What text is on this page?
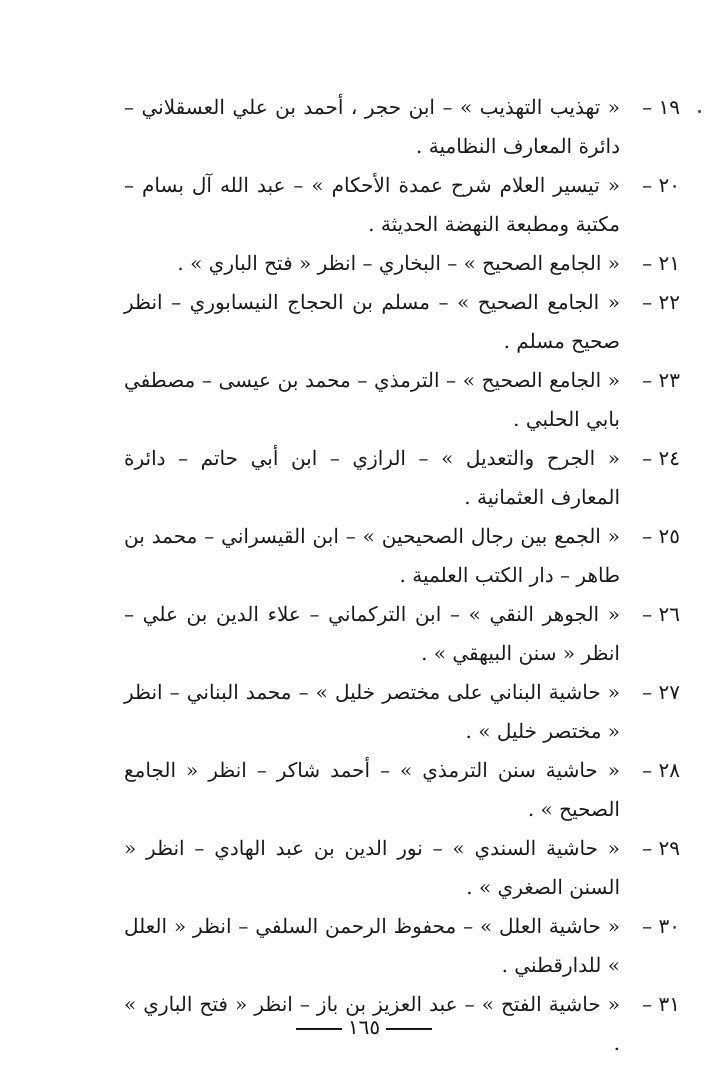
١٩ –
« تهذيب التهذيب » – ابن حجر ، أحمد بن علي العسقلاني – دائرة المعارف النظامية .
٢٠ –
« تيسير العلام شرح عمدة الأحكام » – عبد الله آل بسام – مكتبة ومطبعة النهضة الحديثة .
٢١ –
« الجامع الصحيح » – البخاري – انظر « فتح الباري » .
٢٢ –
« الجامع الصحيح » – مسلم بن الحجاج النيسابوري – انظر صحيح مسلم .
٢٣ –
« الجامع الصحيح » – الترمذي – محمد بن عيسى – مصطفي بابي الحلبي .
٢٤ –
« الجرح والتعديل » – الرازي – ابن أبي حاتم – دائرة المعارف العثمانية .
٢٥ –
« الجمع بين رجال الصحيحين » – ابن القيسراني – محمد بن طاهر – دار الكتب العلمية .
٢٦ –
« الجوهر النقي » – ابن التركماني – علاء الدين بن علي – انظر « سنن البيهقي » .
٢٧ –
« حاشية البناني على مختصر خليل » – محمد البناني – انظر « مختصر خليل » .
٢٨ –
« حاشية سنن الترمذي » – أحمد شاكر – انظر « الجامع الصحيح » .
٢٩ –
« حاشية السندي » – نور الدين بن عبد الهادي – انظر « السنن الصغري » .
٣٠ –
« حاشية العلل » – محفوظ الرحمن السلفي – انظر « العلل » للدارقطني .
٣١ –
« حاشية الفتح » – عبد العزيز بن باز – انظر « فتح الباري » .
١٦٥
